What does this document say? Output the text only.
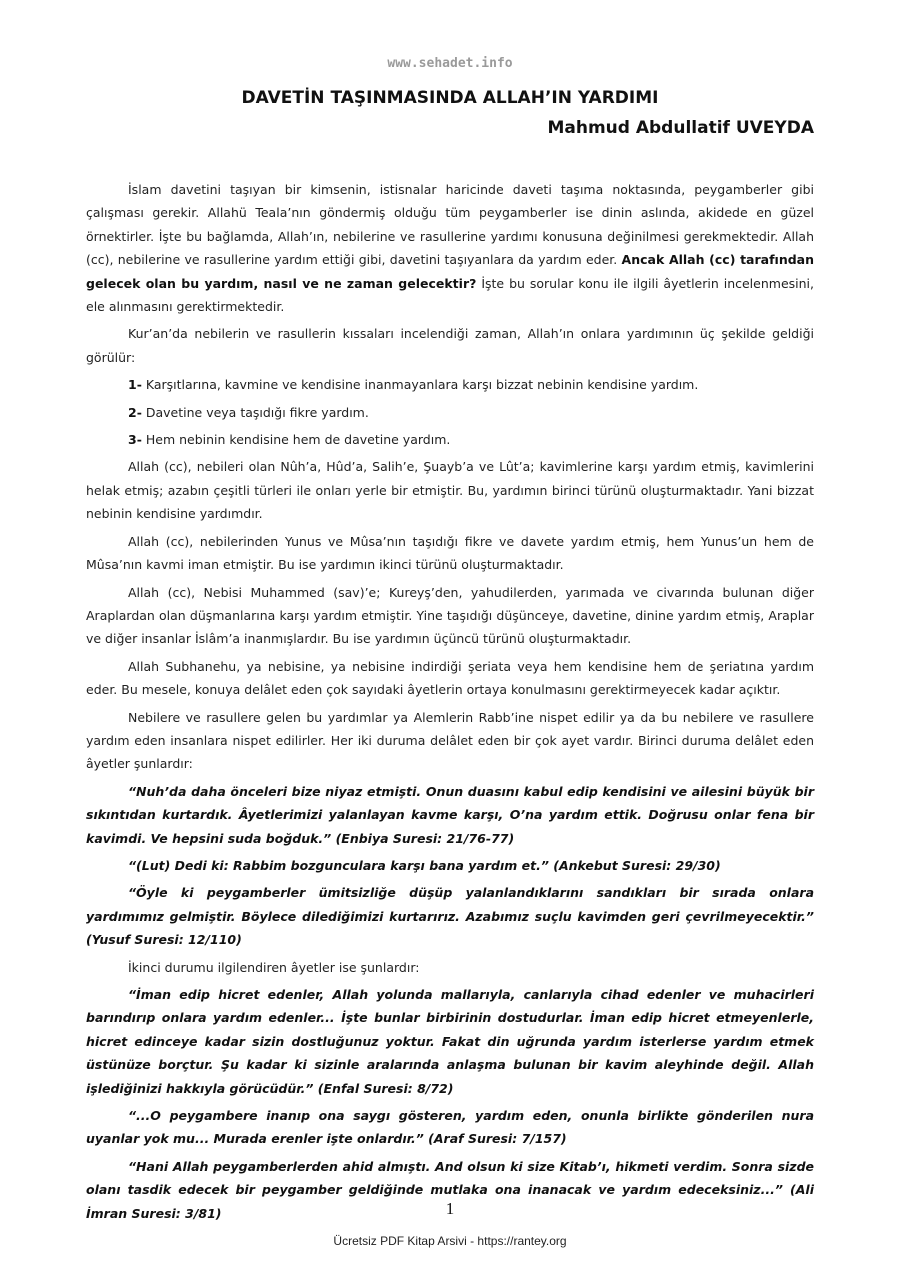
www.sehadet.info
DAVETİN TAŞINMASINDA ALLAH’IN YARDIMI
Mahmud Abdullatif UVEYDA

İslam davetini taşıyan bir kimsenin, istisnalar haricinde daveti taşıma noktasında, peygamberler gibi çalışması gerekir. Allahü Teala’nın göndermiş olduğu tüm peygamberler ise dinin aslında, akidede en güzel örnektirler. İşte bu bağlamda, Allah’ın, nebilerine ve rasullerine yardımı konusuna değinilmesi gerekmektedir. Allah (cc), nebilerine ve rasullerine yardım ettiği gibi, davetini taşıyanlara da yardım eder. Ancak Allah (cc) tarafından gelecek olan bu yardım, nasıl ve ne zaman gelecektir? İşte bu sorular konu ile ilgili âyetlerin incelenmesini, ele alınmasını gerektirmektedir.

Kur’an’da nebilerin ve rasullerin kıssaları incelendiği zaman, Allah’ın onlara yardımının üç şekilde geldiği görülür:

1- Karşıtlarına, kavmine ve kendisine inanmayanlara karşı bizzat nebinin kendisine yardım.

2- Davetine veya taşıdığı fikre yardım.

3- Hem nebinin kendisine hem de davetine yardım.

Allah (cc), nebileri olan Nûh’a, Hûd’a, Salih’e, Şuayb’a ve Lût’a; kavimlerine karşı yardım etmiş, kavimlerini helak etmiş; azabın çeşitli türleri ile onları yerle bir etmiştir. Bu, yardımın birinci türünü oluşturmaktadır. Yani bizzat nebinin kendisine yardımdır.

Allah (cc), nebilerinden Yunus ve Mûsa’nın taşıdığı fikre ve davete yardım etmiş, hem Yunus’un hem de Mûsa’nın kavmi iman etmiştir. Bu ise yardımın ikinci türünü oluşturmaktadır.

Allah (cc), Nebisi Muhammed (sav)’e; Kureyş’den, yahudilerden, yarımada ve civarında bulunan diğer Araplardan olan düşmanlarına karşı yardım etmiştir. Yine taşıdığı düşünceye, davetine, dinine yardım etmiş, Araplar ve diğer insanlar İslâm’a inanmışlardır. Bu ise yardımın üçüncü türünü oluşturmaktadır.

Allah Subhanehu, ya nebisine, ya nebisine indirdiği şeriata veya hem kendisine hem de şeriatına yardım eder. Bu mesele, konuya delâlet eden çok sayıdaki âyetlerin ortaya konulmasını gerektirmeyecek kadar açıktır.

Nebilere ve rasullere gelen bu yardımlar ya Alemlerin Rabb’ine nispet edilir ya da bu nebilere ve rasullere yardım eden insanlara nispet edilirler. Her iki duruma delâlet eden bir çok ayet vardır. Birinci duruma delâlet eden âyetler şunlardır:

“Nuh’da daha önceleri bize niyaz etmişti. Onun duasını kabul edip kendisini ve ailesini büyük bir sıkıntıdan kurtardık. Âyetlerimizi yalanlayan kavme karşı, O’na yardım ettik. Doğrusu onlar fena bir kavimdi. Ve hepsini suda boğduk.” (Enbiya Suresi: 21/76-77)

“(Lut) Dedi ki: Rabbim bozgunculara karşı bana yardım et.” (Ankebut Suresi: 29/30)

“Öyle ki peygamberler ümitsizliğe düşüp yalanlandıklarını sandıkları bir sırada onlara yardımımız gelmiştir. Böylece dilediğimizi kurtarırız. Azabımız suçlu kavimden geri çevrilmeyecektir.” (Yusuf Suresi: 12/110)

İkinci durumu ilgilendiren âyetler ise şunlardır:

“İman edip hicret edenler, Allah yolunda mallarıyla, canlarıyla cihad edenler ve muhacirleri barındırıp onlara yardım edenler... İşte bunlar birbirinin dostudurlar. İman edip hicret etmeyenlerle, hicret edinceye kadar sizin dostluğunuz yoktur. Fakat din uğrunda yardım isterlerse yardım etmek üstünüze borçtur. Şu kadar ki sizinle aralarında anlaşma bulunan bir kavim aleyhinde değil. Allah işlediğinizi hakkıyla görücüdür.” (Enfal Suresi: 8/72)

“...O peygambere inanıp ona saygı gösteren, yardım eden, onunla birlikte gönderilen nura uyanlar yok mu... Murada erenler işte onlardır.” (Araf Suresi: 7/157)

“Hani Allah peygamberlerden ahid almıştı. And olsun ki size Kitab’ı, hikmeti verdim. Sonra sizde olanı tasdik edecek bir peygamber geldiğinde mutlaka ona inanacak ve yardım edeceksiniz...” (Ali İmran Suresi: 3/81)	1
Ücretsiz PDF Kitap Arsivi - https://rantey.org
